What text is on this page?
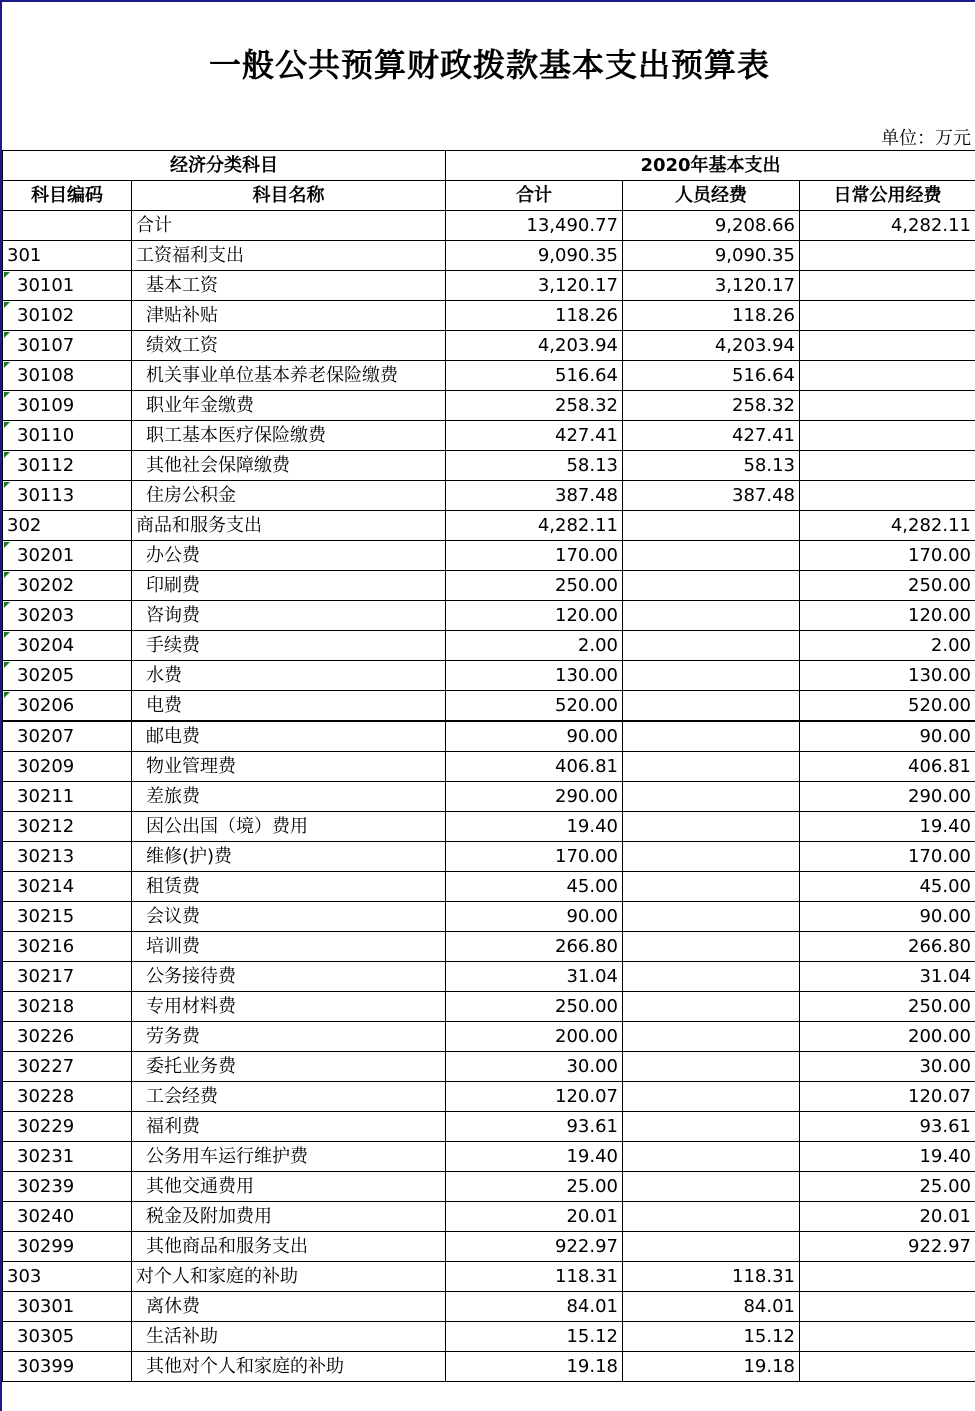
一般公共预算财政拨款基本支出预算表
单位：万元
经济分类科目		2020年基本支出		
科目编码	科目名称	合计	人员经费	日常公用经费
	合计	13,490.77	9,208.66	4,282.11
301	工资福利支出	9,090.35	9,090.35	
30101	基本工资	3,120.17	3,120.17	
30102	津贴补贴	118.26	118.26	
30107	绩效工资	4,203.94	4,203.94	
30108	机关事业单位基本养老保险缴费	516.64	516.64	
30109	职业年金缴费	258.32	258.32	
30110	职工基本医疗保险缴费	427.41	427.41	
30112	其他社会保障缴费	58.13	58.13	
30113	住房公积金	387.48	387.48	
302	商品和服务支出	4,282.11		4,282.11
30201	办公费	170.00		170.00
30202	印刷费	250.00		250.00
30203	咨询费	120.00		120.00
30204	手续费	2.00		2.00
30205	水费	130.00		130.00
30206	电费	520.00		520.00
30207	邮电费	90.00		90.00
30209	物业管理费	406.81		406.81
30211	差旅费	290.00		290.00
30212	因公出国（境）费用	19.40		19.40
30213	维修(护)费	170.00		170.00
30214	租赁费	45.00		45.00
30215	会议费	90.00		90.00
30216	培训费	266.80		266.80
30217	公务接待费	31.04		31.04
30218	专用材料费	250.00		250.00
30226	劳务费	200.00		200.00
30227	委托业务费	30.00		30.00
30228	工会经费	120.07		120.07
30229	福利费	93.61		93.61
30231	公务用车运行维护费	19.40		19.40
30239	其他交通费用	25.00		25.00
30240	税金及附加费用	20.01		20.01
30299	其他商品和服务支出	922.97		922.97
303	对个人和家庭的补助	118.31	118.31	
30301	离休费	84.01	84.01	
30305	生活补助	15.12	15.12	
30399	其他对个人和家庭的补助	19.18	19.18	
